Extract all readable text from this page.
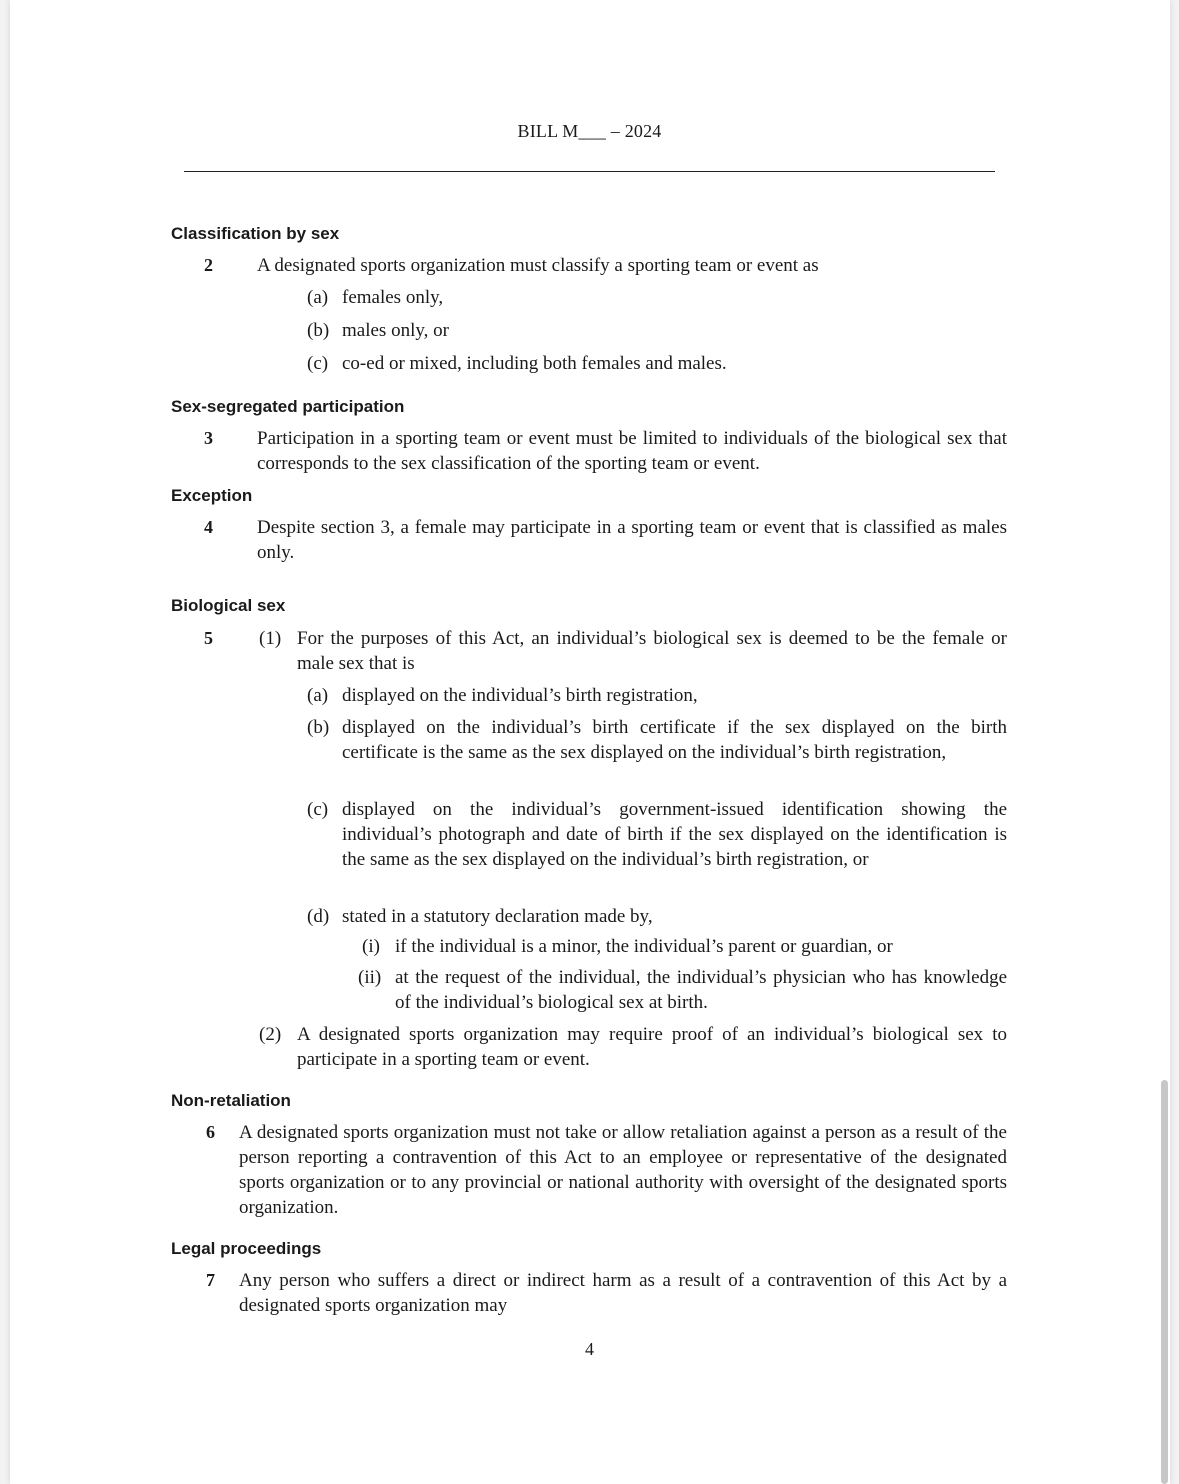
BILL M___ – 2024
Classification by sex
2 A designated sports organization must classify a sporting team or event as
(a) females only,
(b) males only, or
(c) co-ed or mixed, including both females and males.
Sex-segregated participation
3 Participation in a sporting team or event must be limited to individuals of the biological sex that corresponds to the sex classification of the sporting team or event.
Exception
4 Despite section 3, a female may participate in a sporting team or event that is classified as males only.
Biological sex
5 (1) For the purposes of this Act, an individual’s biological sex is deemed to be the female or male sex that is
(a) displayed on the individual’s birth registration,
(b) displayed on the individual’s birth certificate if the sex displayed on the birth certificate is the same as the sex displayed on the individual’s birth registration,
(c) displayed on the individual’s government-issued identification showing the individual’s photograph and date of birth if the sex displayed on the identification is the same as the sex displayed on the individual’s birth registration, or
(d) stated in a statutory declaration made by,
(i) if the individual is a minor, the individual’s parent or guardian, or
(ii) at the request of the individual, the individual’s physician who has knowledge of the individual’s biological sex at birth.
(2) A designated sports organization may require proof of an individual’s biological sex to participate in a sporting team or event.
Non-retaliation
6 A designated sports organization must not take or allow retaliation against a person as a result of the person reporting a contravention of this Act to an employee or representative of the designated sports organization or to any provincial or national authority with oversight of the designated sports organization.
Legal proceedings
7 Any person who suffers a direct or indirect harm as a result of a contravention of this Act by a designated sports organization may
4
